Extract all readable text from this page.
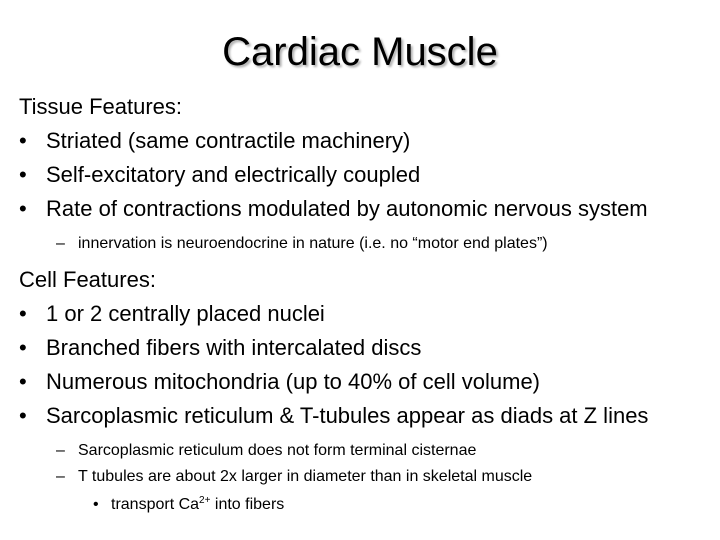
Cardiac Muscle
Tissue Features:
• Striated (same contractile machinery)
• Self-excitatory and electrically coupled
• Rate of contractions modulated by autonomic nervous system
– innervation is neuroendocrine in nature (i.e. no “motor end plates”)
Cell Features:
• 1 or 2 centrally placed nuclei
• Branched fibers with intercalated discs
• Numerous mitochondria (up to 40% of cell volume)
• Sarcoplasmic reticulum & T-tubules appear as diads at Z lines
– Sarcoplasmic reticulum does not form terminal cisternae
– T tubules are about 2x larger in diameter than in skeletal muscle
• transport $Ca^{2+}$ into fibers
